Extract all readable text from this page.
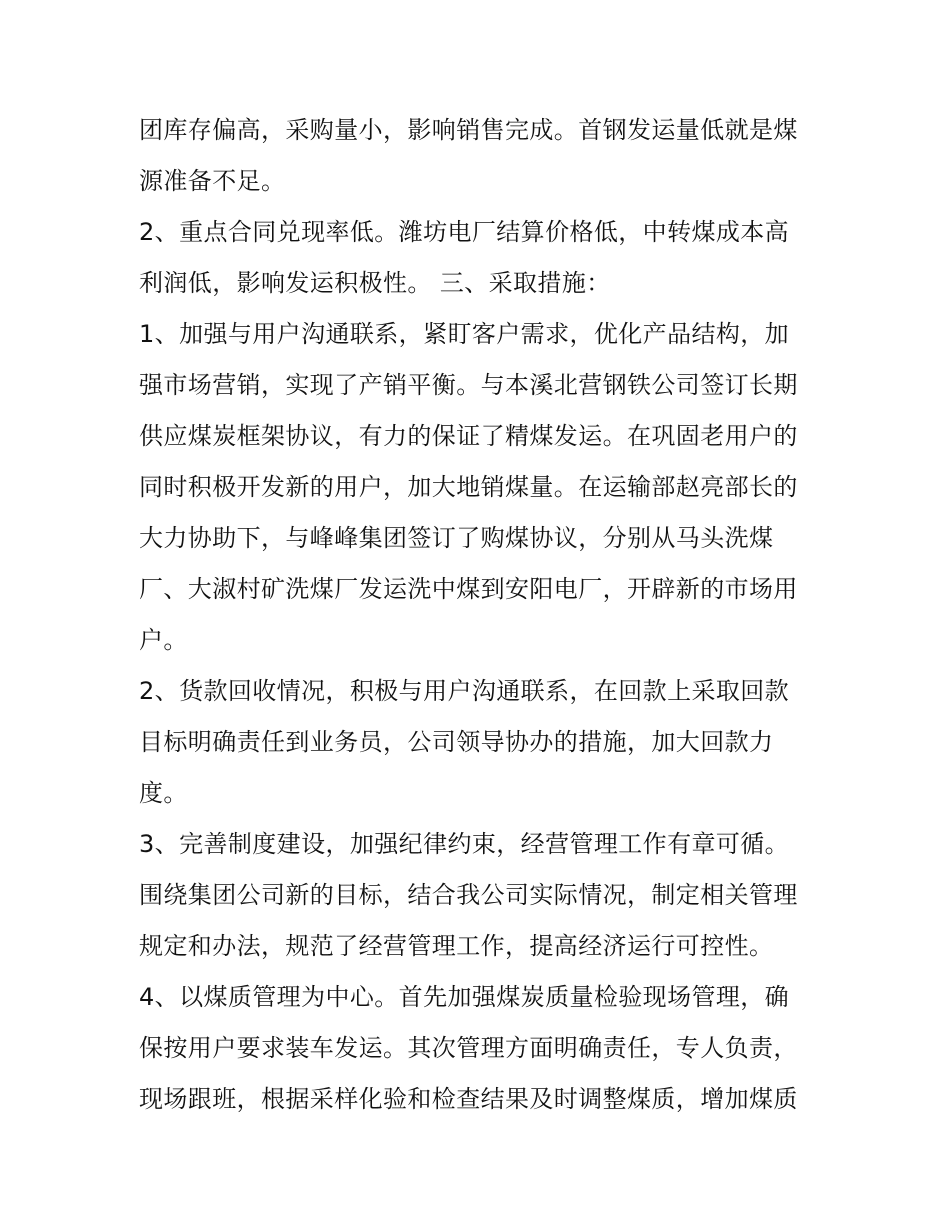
团库存偏高，采购量小，影响销售完成。首钢发运量低就是煤
源准备不足。
2、重点合同兑现率低。潍坊电厂结算价格低，中转煤成本高
利润低，影响发运积极性。 三、采取措施：
1、加强与用户沟通联系，紧盯客户需求，优化产品结构，加
强市场营销，实现了产销平衡。与本溪北营钢铁公司签订长期
供应煤炭框架协议，有力的保证了精煤发运。在巩固老用户的
同时积极开发新的用户，加大地销煤量。在运输部赵亮部长的
大力协助下，与峰峰集团签订了购煤协议，分别从马头洗煤
厂、大淑村矿洗煤厂发运洗中煤到安阳电厂，开辟新的市场用
户。
2、货款回收情况，积极与用户沟通联系，在回款上采取回款
目标明确责任到业务员，公司领导协办的措施，加大回款力
度。
3、完善制度建设，加强纪律约束，经营管理工作有章可循。
围绕集团公司新的目标，结合我公司实际情况，制定相关管理
规定和办法，规范了经营管理工作，提高经济运行可控性。
4、以煤质管理为中心。首先加强煤炭质量检验现场管理，确
保按用户要求装车发运。其次管理方面明确责任，专人负责，
现场跟班，根据采样化验和检查结果及时调整煤质，增加煤质
